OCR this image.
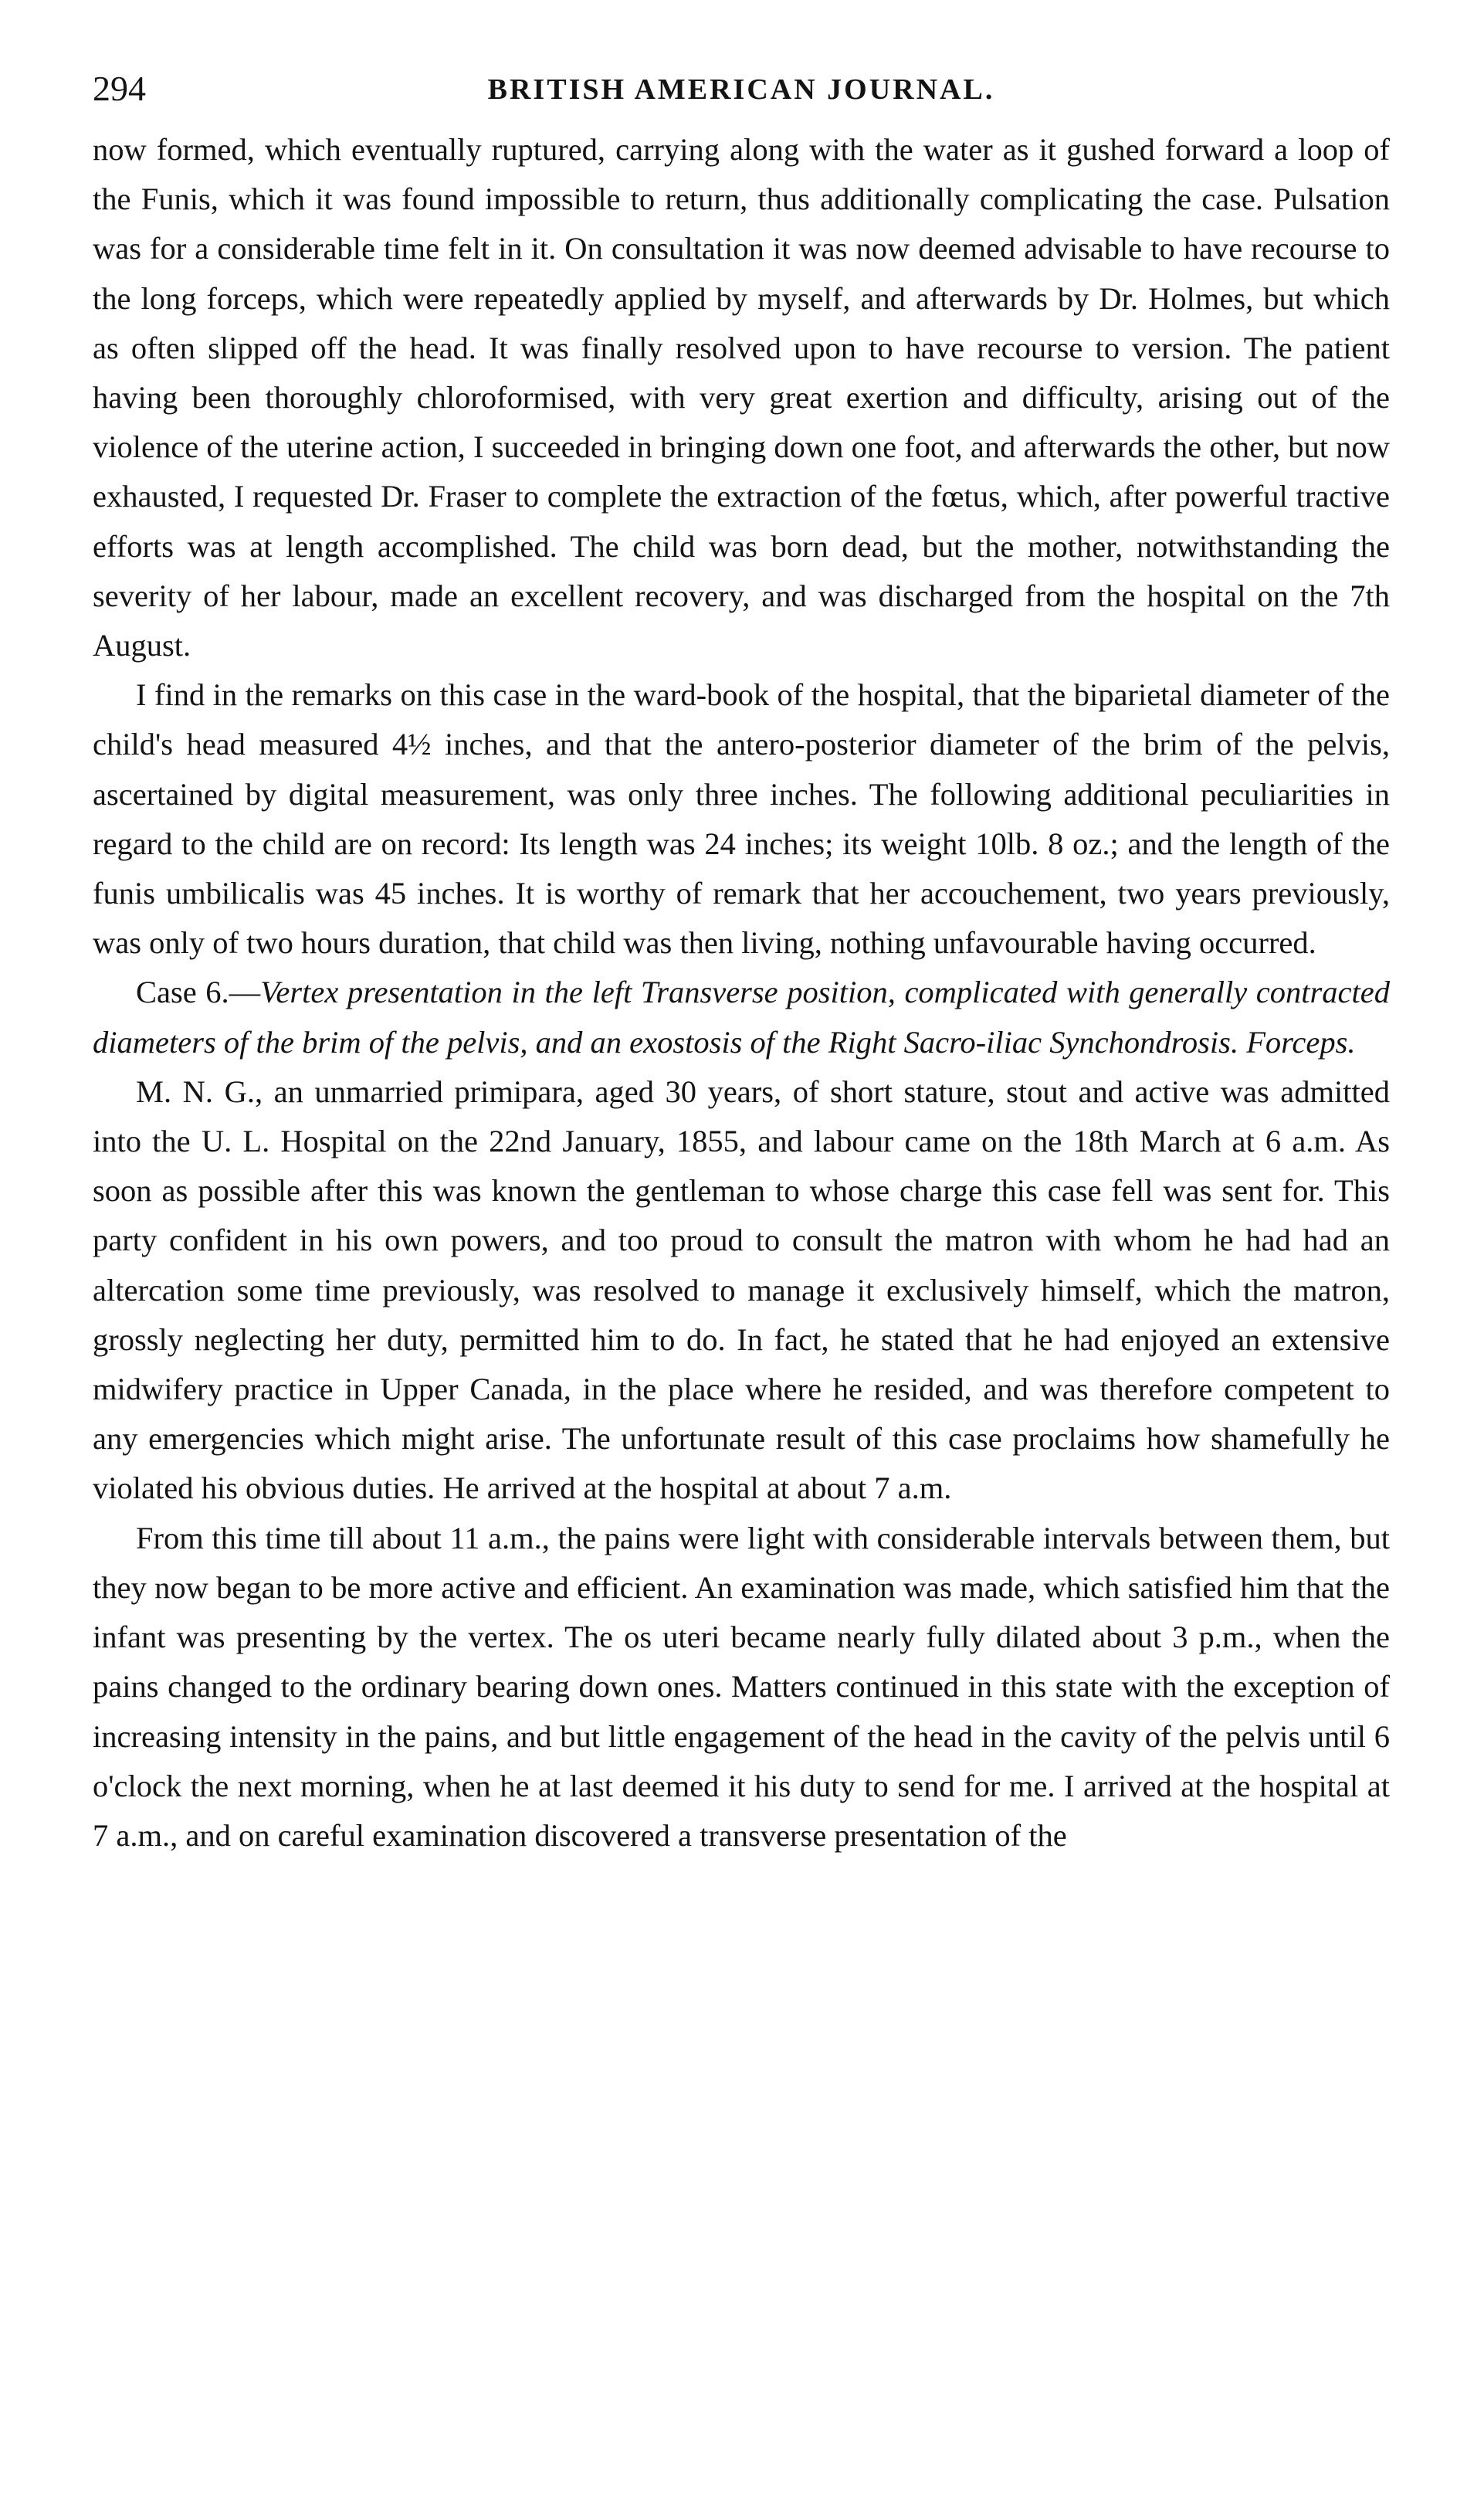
294	BRITISH AMERICAN JOURNAL.

now formed, which eventually ruptured, carrying along with the water as it gushed forward a loop of the Funis, which it was found impossible to return, thus additionally complicating the case. Pulsation was for a considerable time felt in it. On consultation it was now deemed advisable to have recourse to the long forceps, which were repeatedly applied by myself, and afterwards by Dr. Holmes, but which as often slipped off the head. It was finally resolved upon to have recourse to version. The patient having been thoroughly chloroformised, with very great exertion and difficulty, arising out of the violence of the uterine action, I succeeded in bringing down one foot, and afterwards the other, but now exhausted, I requested Dr. Fraser to complete the extraction of the fœtus, which, after powerful tractive efforts was at length accomplished. The child was born dead, but the mother, notwithstanding the severity of her labour, made an excellent recovery, and was discharged from the hospital on the 7th August.

I find in the remarks on this case in the ward-book of the hospital, that the biparietal diameter of the child's head measured 4½ inches, and that the antero-posterior diameter of the brim of the pelvis, ascertained by digital measurement, was only three inches. The following additional peculiarities in regard to the child are on record: Its length was 24 inches; its weight 10lb. 8 oz.; and the length of the funis umbilicalis was 45 inches. It is worthy of remark that her accouchement, two years previously, was only of two hours duration, that child was then living, nothing unfavourable having occurred.

Case 6.—Vertex presentation in the left Transverse position, complicated with generally contracted diameters of the brim of the pelvis, and an exostosis of the Right Sacro-iliac Synchondrosis. Forceps.

M. N. G., an unmarried primipara, aged 30 years, of short stature, stout and active was admitted into the U. L. Hospital on the 22nd January, 1855, and labour came on the 18th March at 6 a.m. As soon as possible after this was known the gentleman to whose charge this case fell was sent for. This party confident in his own powers, and too proud to consult the matron with whom he had had an altercation some time previously, was resolved to manage it exclusively himself, which the matron, grossly neglecting her duty, permitted him to do. In fact, he stated that he had enjoyed an extensive midwifery practice in Upper Canada, in the place where he resided, and was therefore competent to any emergencies which might arise. The unfortunate result of this case proclaims how shamefully he violated his obvious duties. He arrived at the hospital at about 7 a.m.

From this time till about 11 a.m., the pains were light with considerable intervals between them, but they now began to be more active and efficient. An examination was made, which satisfied him that the infant was presenting by the vertex. The os uteri became nearly fully dilated about 3 p.m., when the pains changed to the ordinary bearing down ones. Matters continued in this state with the exception of increasing intensity in the pains, and but little engagement of the head in the cavity of the pelvis until 6 o'clock the next morning, when he at last deemed it his duty to send for me. I arrived at the hospital at 7 a.m., and on careful examination discovered a transverse presentation of the
